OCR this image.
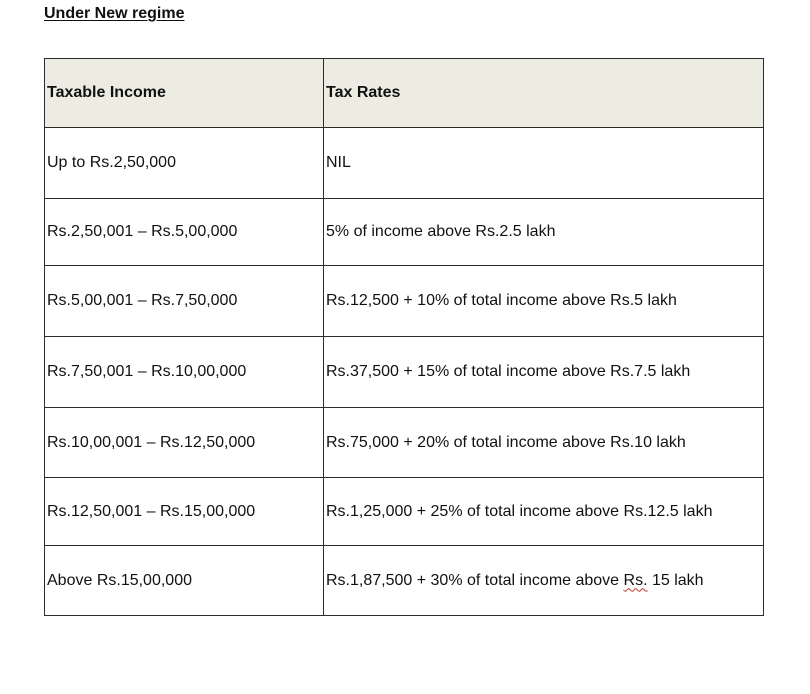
Under New regime
Taxable Income	Tax Rates
Up to Rs.2,50,000	NIL
Rs.2,50,001 – Rs.5,00,000	5% of income above Rs.2.5 lakh
Rs.5,00,001 – Rs.7,50,000	Rs.12,500 + 10% of total income above Rs.5 lakh
Rs.7,50,001 – Rs.10,00,000	Rs.37,500 + 15% of total income above Rs.7.5 lakh
Rs.10,00,001 – Rs.12,50,000	Rs.75,000 + 20% of total income above Rs.10 lakh
Rs.12,50,001 – Rs.15,00,000	Rs.1,25,000 + 25% of total income above Rs.12.5 lakh
Above Rs.15,00,000	Rs.1,87,500 + 30% of total income above Rs. 15 lakh
